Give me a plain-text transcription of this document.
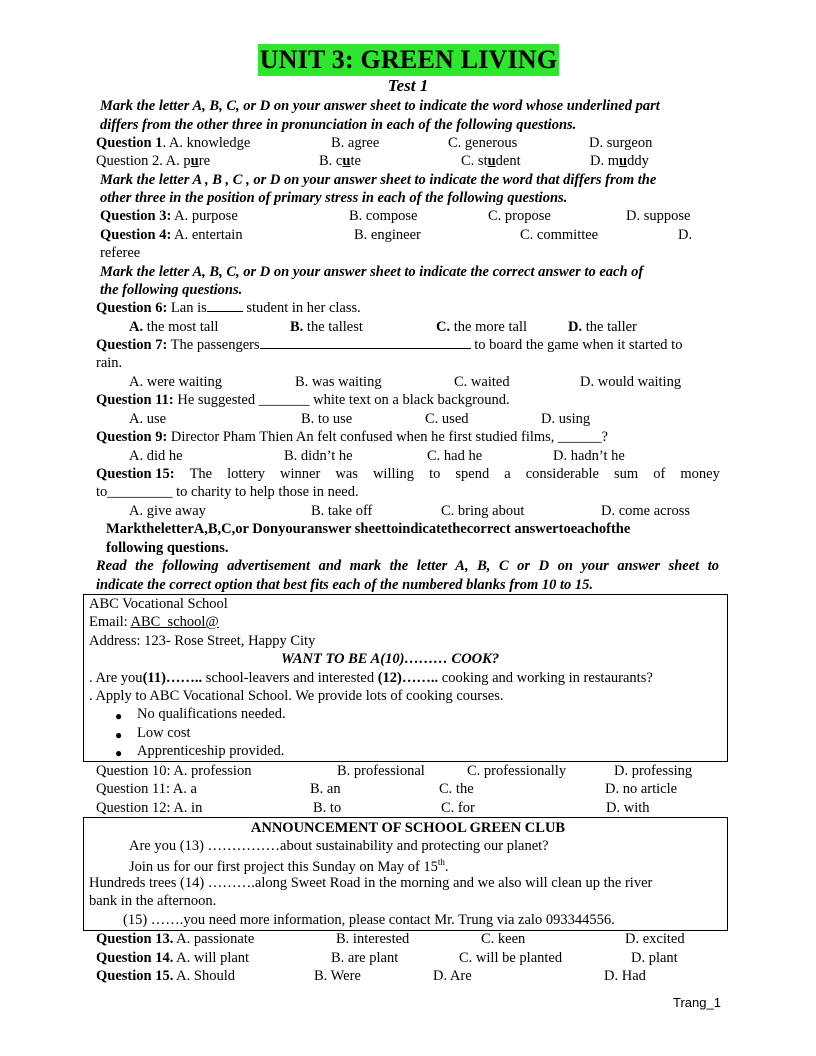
UNIT 3: GREEN LIVING
Test 1
Mark the letter A, B, C, or D on your answer sheet to indicate the word whose underlined part
differs from the other three in pronunciation in each of the following questions.
Question 1. A. knowledge	B. agree	C. generous	D. surgeon
Question 2. A. pure	B. cute	C. student	D. muddy
Mark the letter A , B , C , or D on your answer sheet to indicate the word that differs from the
other three in the position of primary stress in each of the following questions.
Question 3: A. purpose	B. compose	C. propose	D. suppose
Question 4: A. entertain	B. engineer	C. committee	D.
referee
Mark the letter A, B, C, or D on your answer sheet to indicate the correct answer to each of
the following questions.
Question 6: Lan is	student in her class.
A. the most tall	B. the tallest	C. the more tall	D. the taller
Question 7: The passengers	to board the game when it started to
rain.
A. were waiting	B. was waiting	C. waited	D. would waiting
Question 11: He suggested _______ white text on a black background.
A. use	B. to use	C. used	D. using
Question 9: Director Pham Thien An felt confused when he first studied films, ______?
A. did he	B. didn’t he	C. had he	D. hadn’t he
Question 15: The lottery winner was willing to spend a considerable sum of money
to_________ to charity to help those in need.
A. give away	B. take off	C. bring about	D. come across
MarktheletterA,B,C,or Donyouranswer sheettoindicatethecorrect answertoeachofthe
following questions.
Read the following advertisement and mark the letter A, B, C or D on your answer sheet to
indicate the correct option that best fits each of the numbered blanks from 10 to 15.
ABC Vocational School
Email: ABC_school@
Address: 123- Rose Street, Happy City
WANT TO BE A(10)……… COOK?
. Are you(11)…….. school-leavers and interested (12)…….. cooking and working in restaurants?
. Apply to ABC Vocational School. We provide lots of cooking courses.
● No qualifications needed.
● Low cost
● Apprenticeship provided.
Question 10: A. profession	B. professional	C. professionally	D. professing
Question 11: A. a	B. an	C. the	D. no article
Question 12: A. in	B. to	C. for	D. with
ANNOUNCEMENT OF SCHOOL GREEN CLUB
Are you (13) ……………about sustainability and protecting our planet?
Join us for our first project this Sunday on May of 15th.
Hundreds trees (14) ……….along Sweet Road in the morning and we also will clean up the river
bank in the afternoon.
(15) …….you need more information, please contact Mr. Trung via zalo 093344556.
Question 13. A. passionate	B. interested	C. keen	D. excited
Question 14. A. will plant	B. are plant	C. will be planted	D. plant
Question 15. A. Should	B. Were	D. Are	D. Had
Trang_1
